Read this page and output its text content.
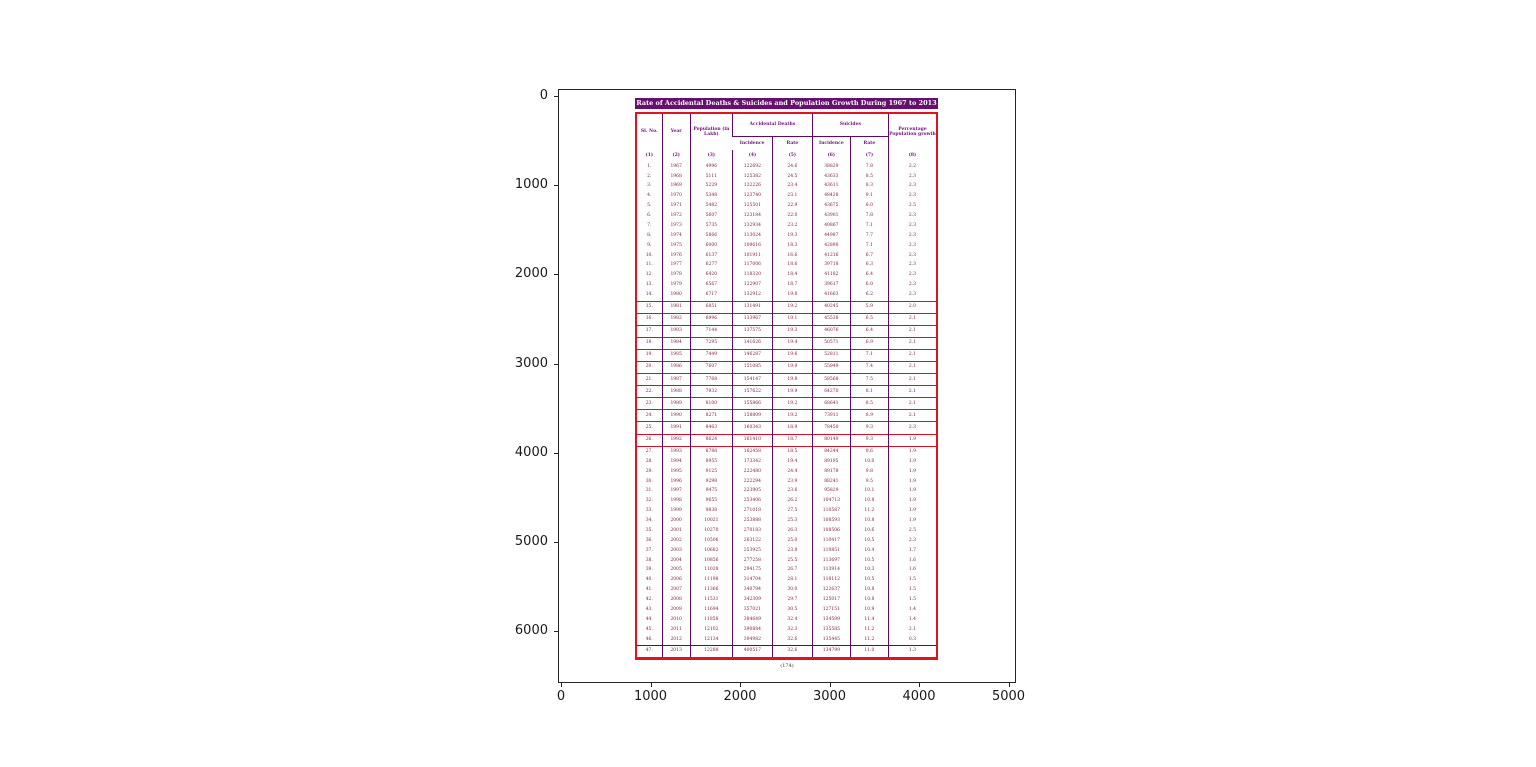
0	1000	2000	3000	4000	5000
0
1000
2000
3000
4000
5000
6000
Rate of Accidental Deaths & Suicides and Population Growth During 1967 to 2013
Sl. No.	Year	Population (in Lakh)	Accidental Deaths		Suicides		Percentage Population growth
			Incidence	Rate	Incidence	Rate	
(1)	(2)	(3)	(4)	(5)	(6)	(7)	(8)
1.	1967	4996	122692	24.6	38829	7.8	2.2
2.	1968	5111	125382	24.5	43633	8.5	2.3
3.	1969	5229	122226	23.4	43611	8.3	2.3
4.	1970	5348	123740	23.1	48428	9.1	2.3
5.	1971	5482	125501	22.9	43675	8.0	2.5
6.	1972	5607	123184	22.0	43901	7.8	2.3
7.	1973	5735	132934	23.2	40867	7.1	2.3
8.	1974	5866	113024	19.3	44987	7.7	2.3
9.	1975	6000	109616	18.3	42890	7.1	2.3
10.	1976	6137	101911	16.6	41216	6.7	2.3
11.	1977	6277	117006	18.6	39718	6.3	2.3
12.	1978	6420	118320	18.4	41182	6.4	2.3
13.	1979	6567	122907	18.7	39617	6.0	2.3
14.	1980	6717	132912	19.8	41663	6.2	2.3
15.	1981	6851	131491	19.2	40245	5.9	2.0
16.	1982	6996	133967	19.1	45538	6.5	2.1
17.	1983	7144	137575	19.3	46076	6.4	2.1
18.	1984	7295	141626	19.4	50571	6.9	2.1
19.	1985	7449	146287	19.6	52811	7.1	2.1
20.	1986	7607	151085	19.9	55949	7.4	2.1
21.	1987	7768	154147	19.8	58568	7.5	2.1
22.	1988	7932	157622	19.9	64270	8.1	2.1
23.	1989	8100	155866	19.2	68641	8.5	2.1
24.	1990	8271	158809	19.2	73911	8.9	2.1
25.	1991	8463	160343	18.9	78450	9.3	2.3
26.	1992	8624	161410	18.7	80149	9.3	1.9
27.	1993	8788	162458	18.5	84244	9.6	1.9
28.	1994	8955	173342	19.4	89195	10.0	1.9
29.	1995	9125	222480	24.4	89178	9.8	1.9
30.	1996	9298	222294	23.9	88241	9.5	1.9
31.	1997	9475	223905	23.6	95829	10.1	1.9
32.	1998	9655	253406	26.2	104713	10.8	1.9
33.	1999	9838	271018	27.5	110587	11.2	1.9
34.	2000	10021	253888	25.3	108593	10.8	1.9
35.	2001	10270	270183	26.3	108506	10.6	2.5
36.	2002	10506	263122	25.0	110417	10.5	2.3
37.	2003	10682	253925	23.8	110851	10.4	1.7
38.	2004	10856	277258	25.5	113697	10.5	1.6
39.	2005	11028	294175	26.7	113914	10.3	1.6
40.	2006	11198	314704	28.1	118112	10.5	1.5
41.	2007	11366	340794	30.0	122637	10.8	1.5
42.	2008	11531	342309	29.7	125017	10.8	1.5
43.	2009	11694	357021	30.5	127151	10.9	1.4
44.	2010	11858	384649	32.4	134599	11.4	1.4
45.	2011	12102	390884	32.3	135585	11.2	2.1
46.	2012	12134	394982	32.6	135445	11.2	0.3
47.	2013	12288	400517	32.6	134799	11.0	1.3
(174)
